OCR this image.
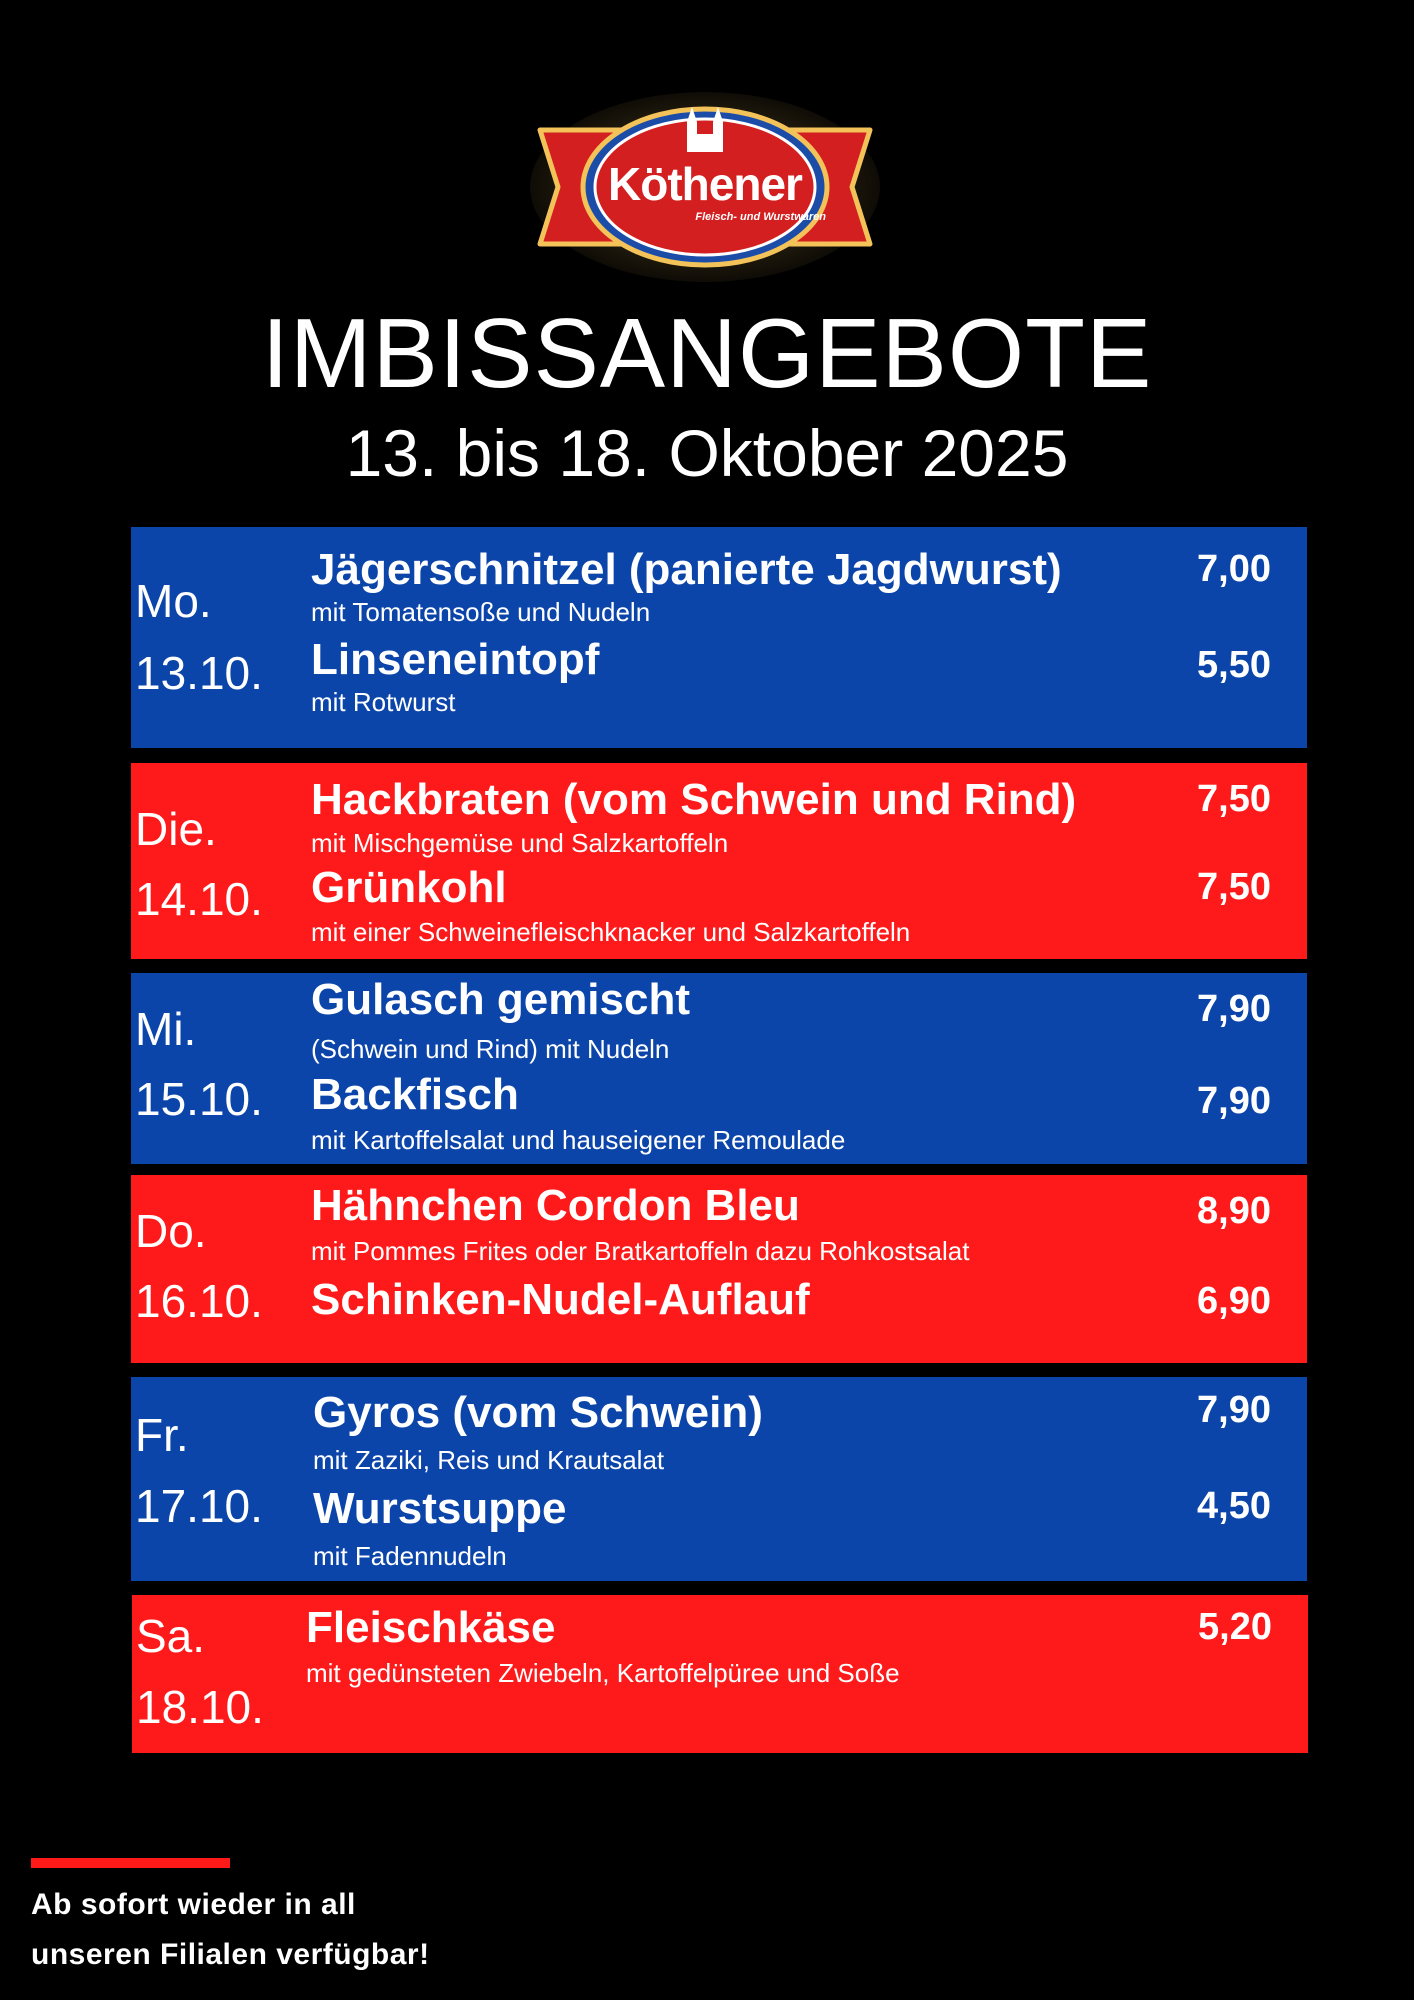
Köthener
Fleisch- und Wurstwaren
IMBISSANGEBOTE
13. bis 18. Oktober 2025
Mo.
13.10.
Jägerschnitzel (panierte Jagdwurst)
mit Tomatensoße und Nudeln
7,00
Linseneintopf
mit Rotwurst
5,50
Die.
14.10.
Hackbraten (vom Schwein und Rind)
mit Mischgemüse und Salzkartoffeln
7,50
Grünkohl
mit einer Schweinefleischknacker und Salzkartoffeln
7,50
Mi.
15.10.
Gulasch gemischt
(Schwein und Rind) mit Nudeln
7,90
Backfisch
mit Kartoffelsalat und hauseigener Remoulade
7,90
Do.
16.10.
Hähnchen Cordon Bleu
mit Pommes Frites oder Bratkartoffeln dazu Rohkostsalat
8,90
Schinken-Nudel-Auflauf	6,90
Fr.
17.10.
Gyros (vom Schwein)
mit Zaziki, Reis und Krautsalat
7,90
Wurstsuppe
mit Fadennudeln
4,50
Sa.
18.10.
Fleischkäse
mit gedünsteten Zwiebeln, Kartoffelpüree und Soße
5,20
Ab sofort wieder in all
unseren Filialen verfügbar!
